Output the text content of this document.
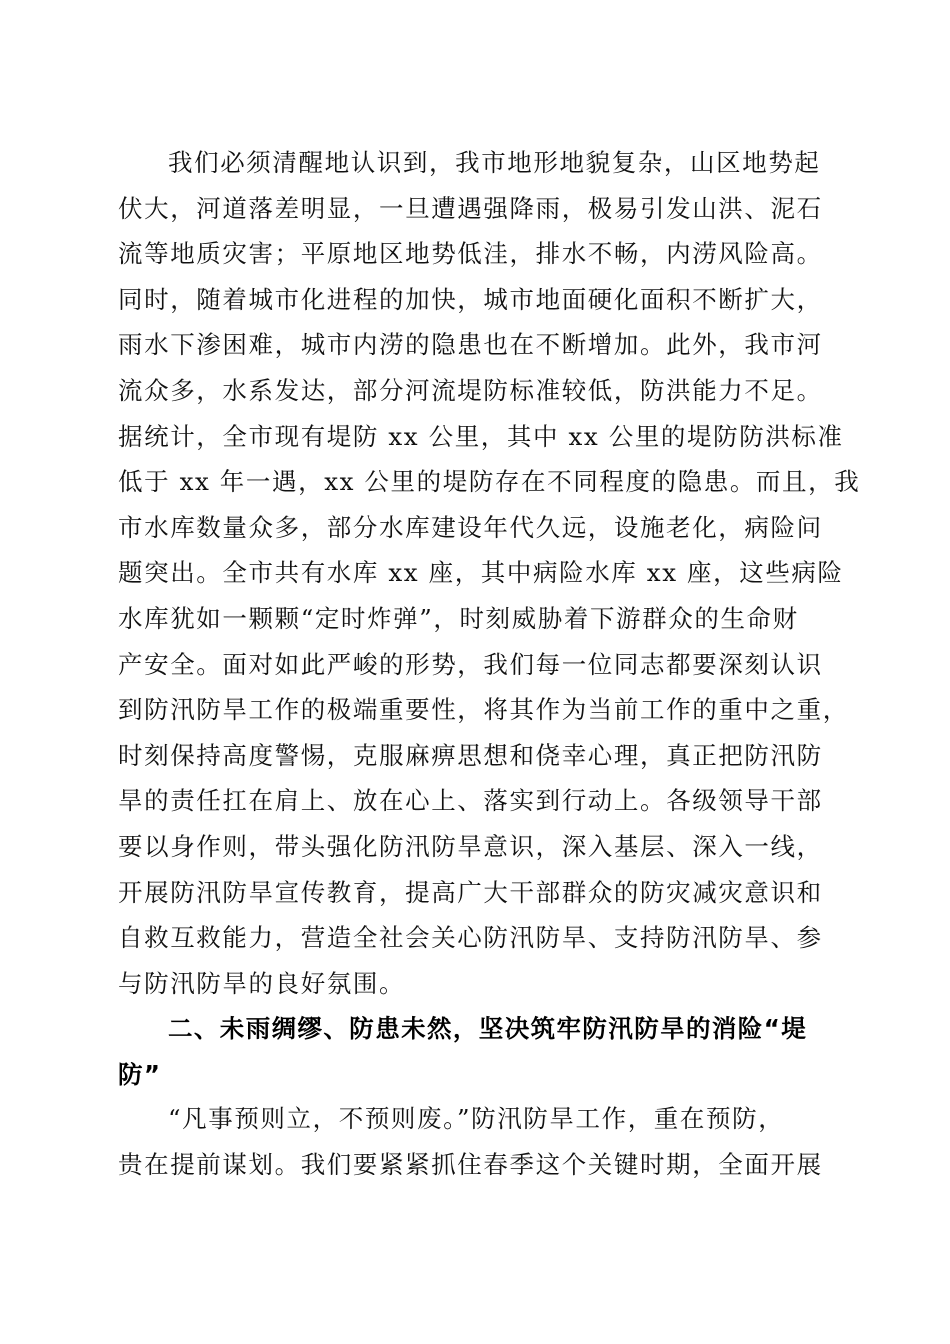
我们必须清醒地认识到，我市地形地貌复杂，山区地势起

伏大，河道落差明显，一旦遭遇强降雨，极易引发山洪、泥石

流等地质灾害；平原地区地势低洼，排水不畅，内涝风险高。

同时，随着城市化进程的加快，城市地面硬化面积不断扩大，

雨水下渗困难，城市内涝的隐患也在不断增加。此外，我市河

流众多，水系发达，部分河流堤防标准较低，防洪能力不足。

据统计，全市现有堤防 xx 公里，其中 xx 公里的堤防防洪标准

低于 xx 年一遇，xx 公里的堤防存在不同程度的隐患。而且，我

市水库数量众多，部分水库建设年代久远，设施老化，病险问

题突出。全市共有水库 xx 座，其中病险水库 xx 座，这些病险

水库犹如一颗颗“定时炸弹”，时刻威胁着下游群众的生命财

产安全。面对如此严峻的形势，我们每一位同志都要深刻认识

到防汛防旱工作的极端重要性，将其作为当前工作的重中之重，

时刻保持高度警惕，克服麻痹思想和侥幸心理，真正把防汛防

旱的责任扛在肩上、放在心上、落实到行动上。各级领导干部

要以身作则，带头强化防汛防旱意识，深入基层、深入一线，

开展防汛防旱宣传教育，提高广大干部群众的防灾减灾意识和

自救互救能力，营造全社会关心防汛防旱、支持防汛防旱、参

与防汛防旱的良好氛围。

二、未雨绸缪、防患未然，坚决筑牢防汛防旱的消险“堤

防”

“凡事预则立，不预则废。”防汛防旱工作，重在预防，

贵在提前谋划。我们要紧紧抓住春季这个关键时期，全面开展
